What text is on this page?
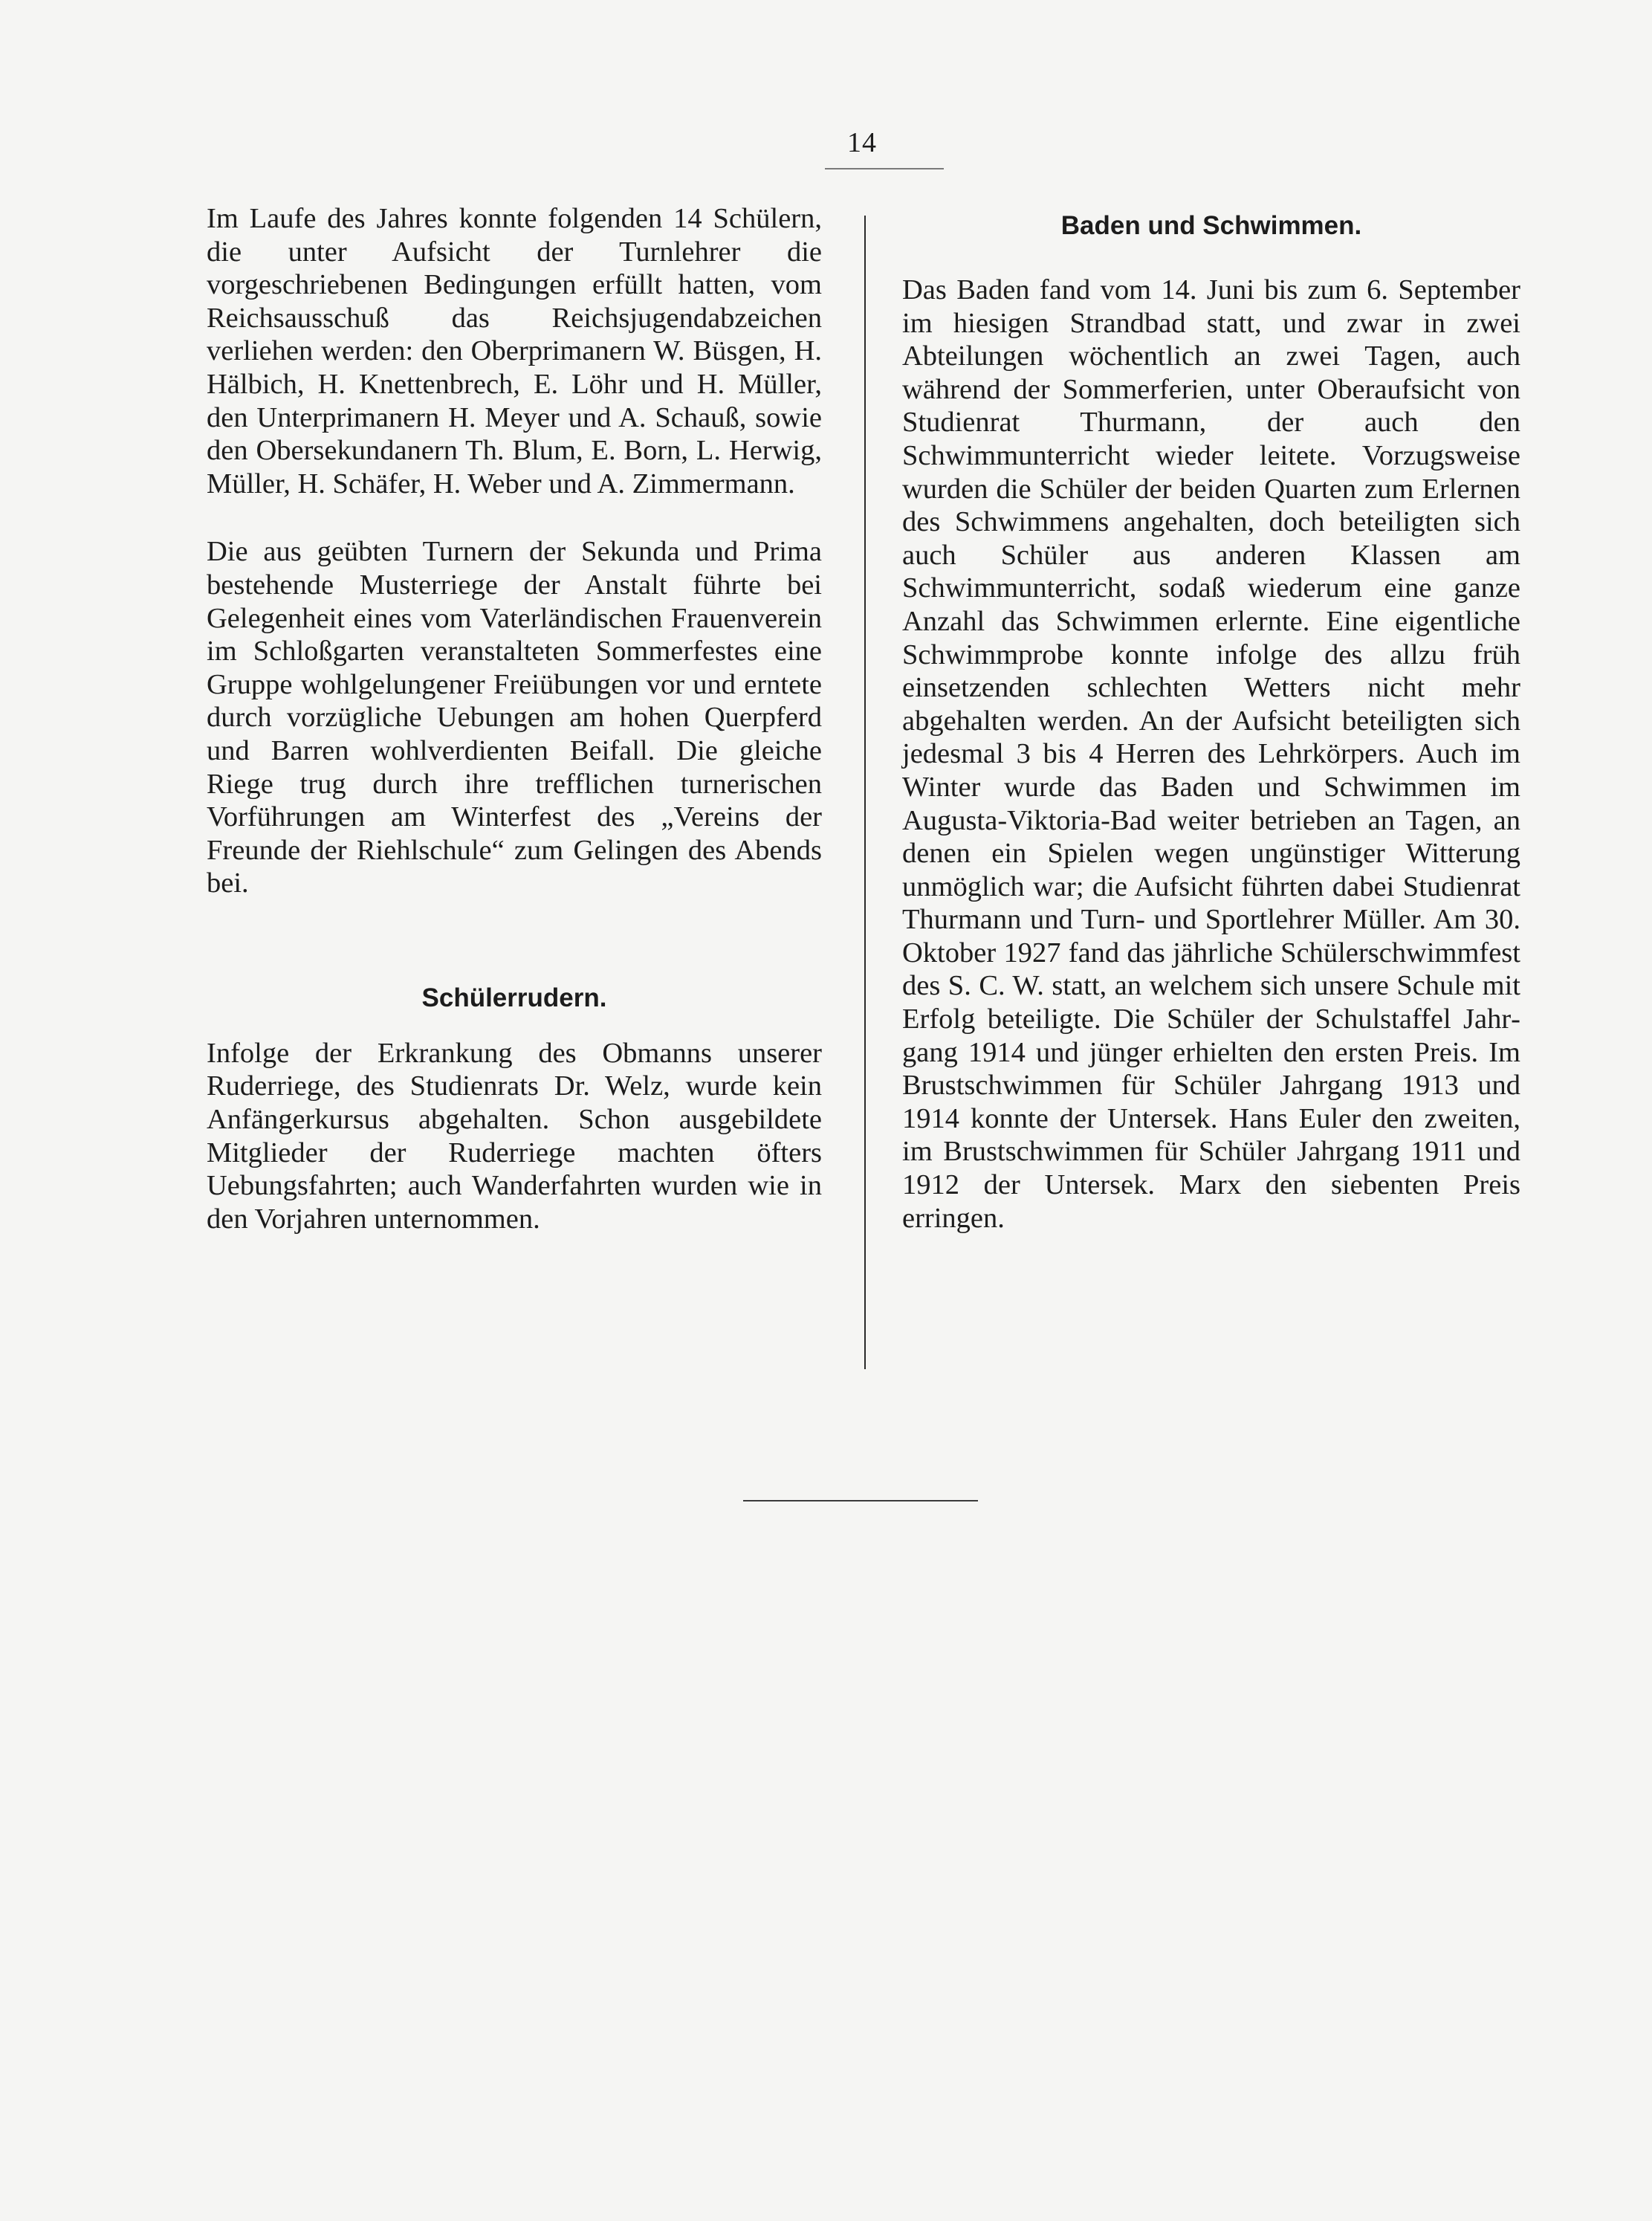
14

Im Laufe des Jahres konnte folgenden 14 Schülern, die unter Aufsicht der Turnlehrer die vorgeschriebenen Bedingungen erfüllt hatten, vom Reichsausschuß das Reichsjugendabzeichen verliehen werden: den Oberprimanern W. Büsgen, H. Hälbich, H. Knettenbrech, E. Löhr und H. Müller, den Unterprimanern H. Meyer und A. Schauß, sowie den Obersekundanern Th. Blum, E. Born, L. Herwig, Müller, H. Schäfer, H. Weber und A. Zimmermann.

Die aus geübten Turnern der Sekunda und Prima bestehende Musterriege der Anstalt führte bei Gelegenheit eines vom Vaterländischen Frauenverein im Schloßgarten veranstalteten Sommerfestes eine Gruppe wohlgelungener Freiübungen vor und erntete durch vorzügliche Uebungen am hohen Querpferd und Barren wohlverdienten Beifall. Die gleiche Riege trug durch ihre trefflichen turnerischen Vorführungen am Winterfest des „Vereins der Freunde der Riehlschule“ zum Gelingen des Abends bei.

Schülerrudern.

Infolge der Erkrankung des Obmanns unserer Ruderriege, des Studienrats Dr. Welz, wurde kein Anfängerkursus abgehalten. Schon ausgebildete Mitglieder der Ruderriege machten öfters Uebungsfahrten; auch Wanderfahrten wurden wie in den Vorjahren unternommen.

Baden und Schwimmen.

Das Baden fand vom 14. Juni bis zum 6. September im hiesigen Strandbad statt, und zwar in zwei Abteilungen wöchentlich an zwei Tagen, auch während der Sommerferien, unter Oberaufsicht von Studienrat Thurmann, der auch den Schwimmunterricht wieder leitete. Vorzugsweise wurden die Schüler der beiden Quarten zum Erlernen des Schwimmens angehalten, doch beteiligten sich auch Schüler aus anderen Klassen am Schwimmunterricht, sodaß wiederum eine ganze Anzahl das Schwimmen erlernte. Eine eigentliche Schwimmprobe konnte infolge des allzu früh einsetzenden schlechten Wetters nicht mehr abgehalten werden. An der Aufsicht beteiligten sich jedesmal 3 bis 4 Herren des Lehrkörpers. Auch im Winter wurde das Baden und Schwimmen im Augusta-Viktoria-Bad weiter betrieben an Tagen, an denen ein Spielen wegen ungünstiger Witterung unmöglich war; die Aufsicht führten dabei Studienrat Thurmann und Turn- und Sportlehrer Müller. Am 30. Oktober 1927 fand das jährliche Schülerschwimmfest des S. C. W. statt, an welchem sich unsere Schule mit Erfolg beteiligte. Die Schüler der Schulstaffel Jahrgang 1914 und jünger erhielten den ersten Preis. Im Brustschwimmen für Schüler Jahrgang 1913 und 1914 konnte der Untersek. Hans Euler den zweiten, im Brustschwimmen für Schüler Jahrgang 1911 und 1912 der Untersek. Marx den siebenten Preis erringen.
